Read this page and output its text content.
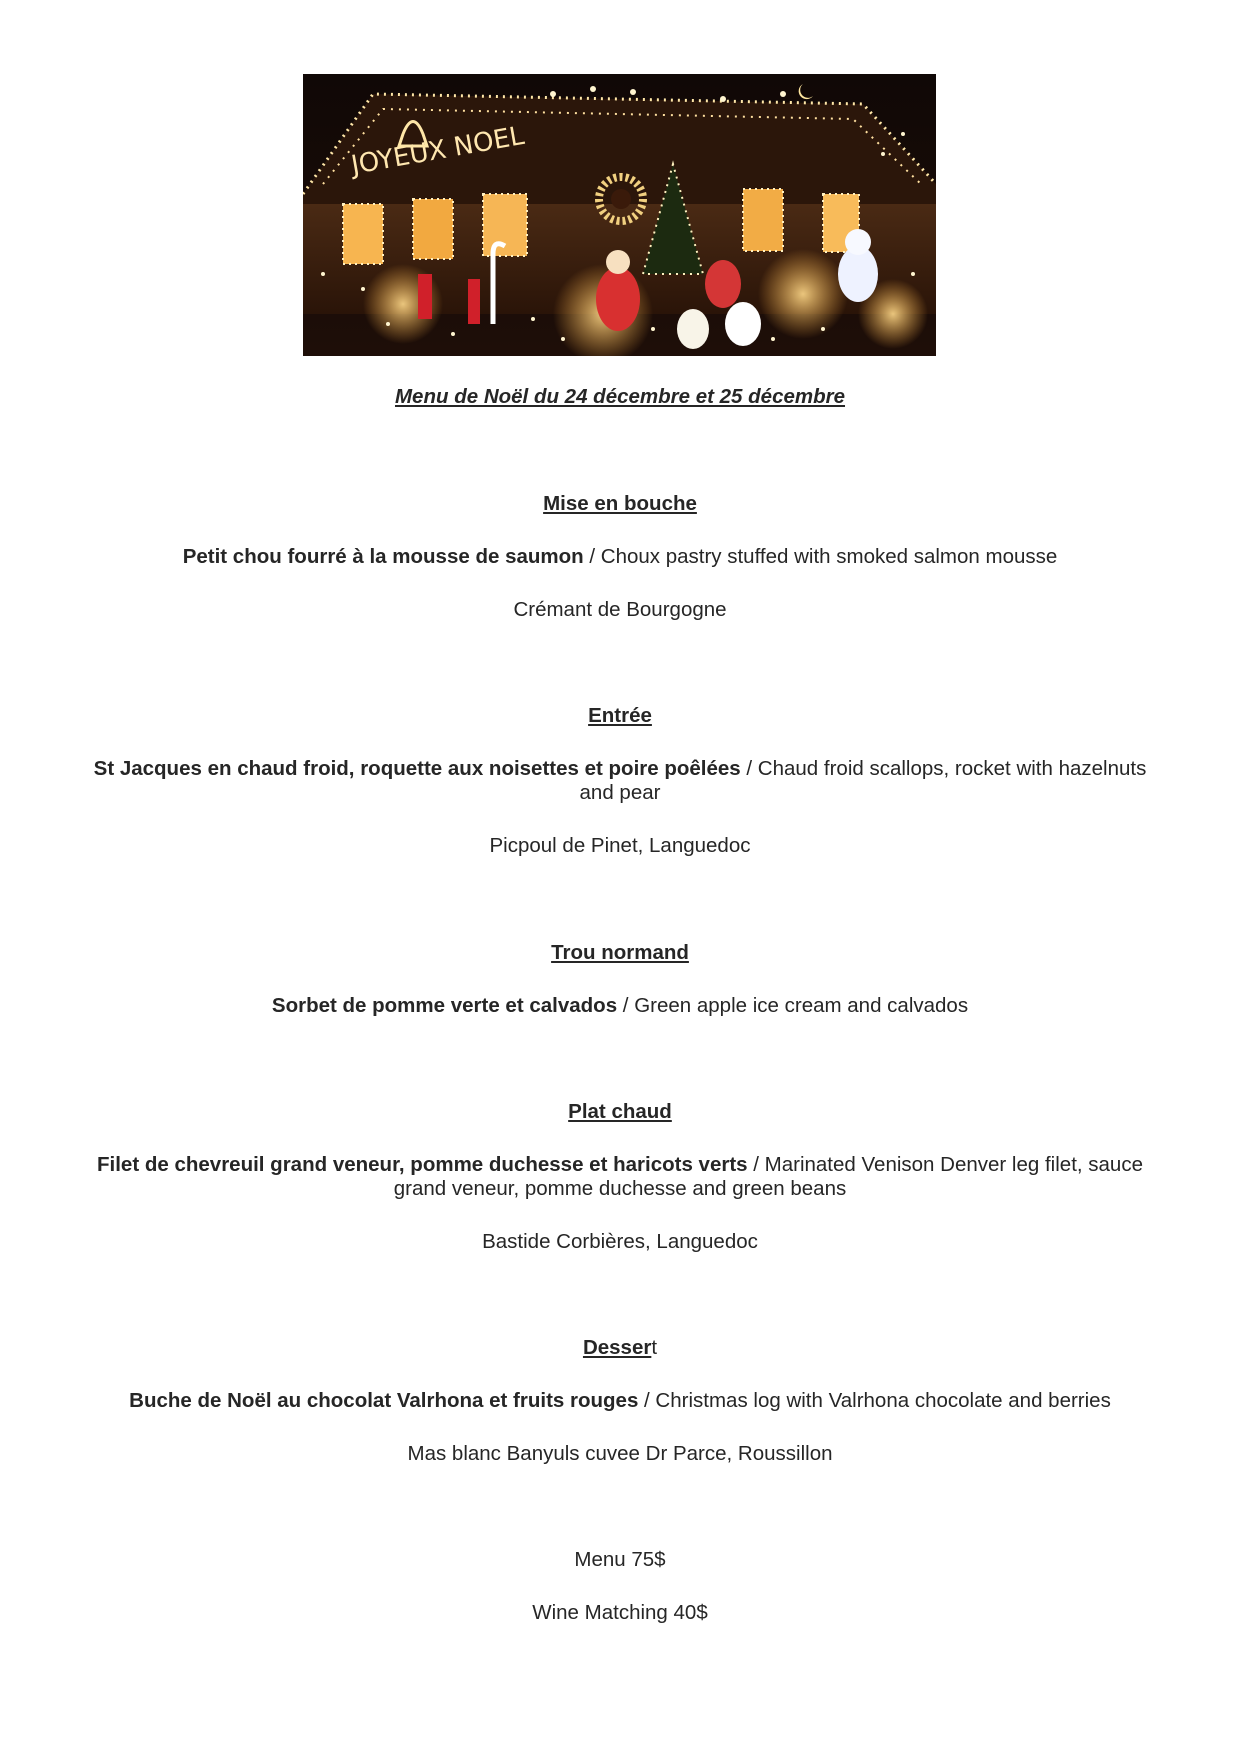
JOYEUX NOEL
Menu de Noël du 24 décembre et 25 décembre
Mise en bouche
Petit chou fourré à la mousse de saumon / Choux pastry stuffed with smoked salmon mousse
Crémant de Bourgogne
Entrée
St Jacques en chaud froid, roquette aux noisettes et poire poêlées / Chaud froid scallops, rocket with hazelnuts and pear
Picpoul de Pinet, Languedoc
Trou normand
Sorbet de pomme verte et calvados / Green apple ice cream and calvados
Plat chaud
Filet de chevreuil grand veneur, pomme duchesse et haricots verts / Marinated Venison Denver leg filet, sauce grand veneur, pomme duchesse and green beans
Bastide Corbières, Languedoc
Dessert
Buche de Noël au chocolat Valrhona et fruits rouges / Christmas log with Valrhona chocolate and berries
Mas blanc Banyuls cuvee Dr Parce, Roussillon
Menu 75$
Wine Matching 40$
